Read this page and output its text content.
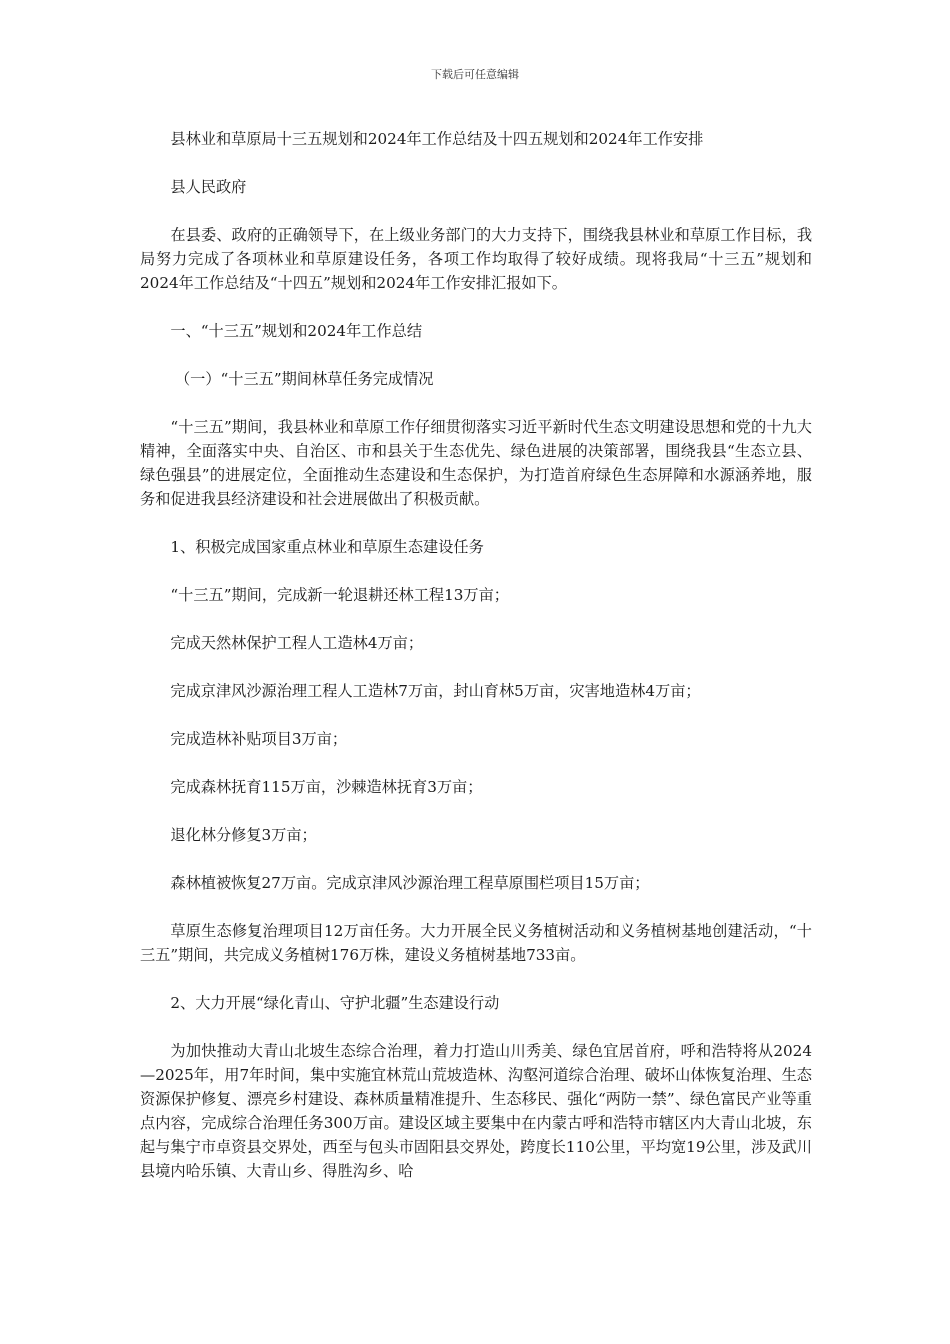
下载后可任意编辑

县林业和草原局十三五规划和2024年工作总结及十四五规划和2024年工作安排

县人民政府

在县委、政府的正确领导下，在上级业务部门的大力支持下，围绕我县林业和草原工作目标，我局努力完成了各项林业和草原建设任务，各项工作均取得了较好成绩。现将我局“十三五”规划和2024年工作总结及“十四五”规划和2024年工作安排汇报如下。

一、“十三五”规划和2024年工作总结

（一）“十三五”期间林草任务完成情况

“十三五”期间，我县林业和草原工作仔细贯彻落实习近平新时代生态文明建设思想和党的十九大精神，全面落实中央、自治区、市和县关于生态优先、绿色进展的决策部署，围绕我县“生态立县、绿色强县”的进展定位，全面推动生态建设和生态保护，为打造首府绿色生态屏障和水源涵养地，服务和促进我县经济建设和社会进展做出了积极贡献。

1、积极完成国家重点林业和草原生态建设任务

“十三五”期间，完成新一轮退耕还林工程13万亩；

完成天然林保护工程人工造林4万亩；

完成京津风沙源治理工程人工造林7万亩，封山育林5万亩，灾害地造林4万亩；

完成造林补贴项目3万亩；

完成森林抚育115万亩，沙棘造林抚育3万亩；

退化林分修复3万亩；

森林植被恢复27万亩。完成京津风沙源治理工程草原围栏项目15万亩；

草原生态修复治理项目12万亩任务。大力开展全民义务植树活动和义务植树基地创建活动，“十三五”期间，共完成义务植树176万株，建设义务植树基地733亩。

2、大力开展“绿化青山、守护北疆”生态建设行动

为加快推动大青山北坡生态综合治理，着力打造山川秀美、绿色宜居首府，呼和浩特将从2024—2025年，用7年时间，集中实施宜林荒山荒坡造林、沟壑河道综合治理、破坏山体恢复治理、生态资源保护修复、漂亮乡村建设、森林质量精准提升、生态移民、强化“两防一禁”、绿色富民产业等重点内容，完成综合治理任务300万亩。建设区域主要集中在内蒙古呼和浩特市辖区内大青山北坡，东起与集宁市卓资县交界处，西至与包头市固阳县交界处，跨度长110公里，平均宽19公里，涉及武川县境内哈乐镇、大青山乡、得胜沟乡、哈
